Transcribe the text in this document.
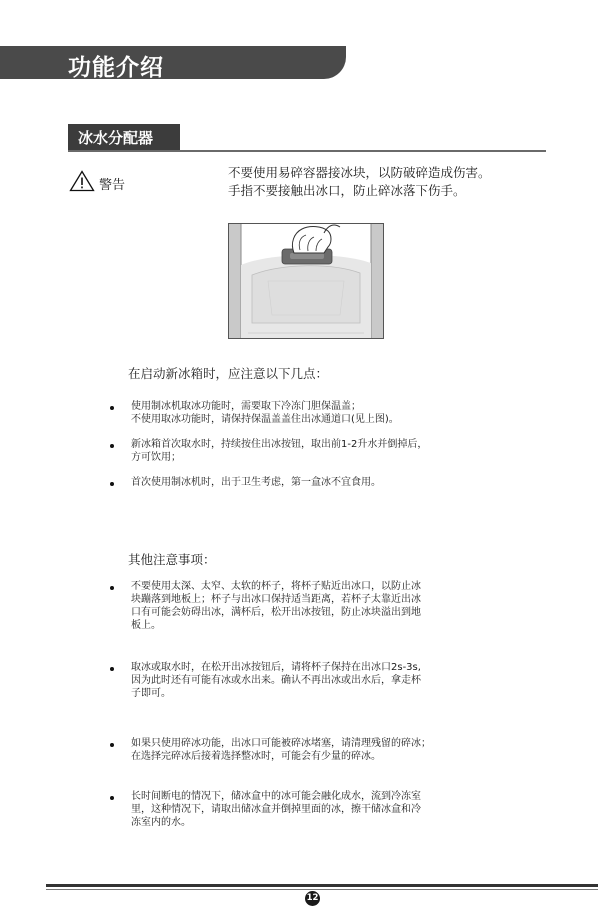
功能介绍
冰水分配器
警告
不要使用易碎容器接冰块，以防破碎造成伤害。
手指不要接触出冰口，防止碎冰落下伤手。
在启动新冰箱时，应注意以下几点：
使用制冰机取冰功能时，需要取下冷冻门胆保温盖；
不使用取冰功能时，请保持保温盖盖住出冰通道口(见上图)。
新冰箱首次取水时，持续按住出冰按钮，取出前1-2升水并倒掉后，
方可饮用；
首次使用制冰机时，出于卫生考虑，第一盒冰不宜食用。
其他注意事项：
不要使用太深、太窄、太软的杯子，将杯子贴近出冰口，以防止冰
块蹦落到地板上；杯子与出冰口保持适当距离，若杯子太靠近出冰
口有可能会妨碍出冰，满杯后，松开出冰按钮，防止冰块溢出到地
板上。
取冰或取水时，在松开出冰按钮后，请将杯子保持在出冰口2s-3s,
因为此时还有可能有冰或水出来。确认不再出冰或出水后，拿走杯
子即可。
如果只使用碎冰功能，出冰口可能被碎冰堵塞，请清理残留的碎冰；
在选择完碎冰后接着选择整冰时，可能会有少量的碎冰。
长时间断电的情况下，储冰盒中的冰可能会融化成水，流到冷冻室
里，这种情况下，请取出储冰盒并倒掉里面的冰，擦干储冰盒和冷
冻室内的水。
12
